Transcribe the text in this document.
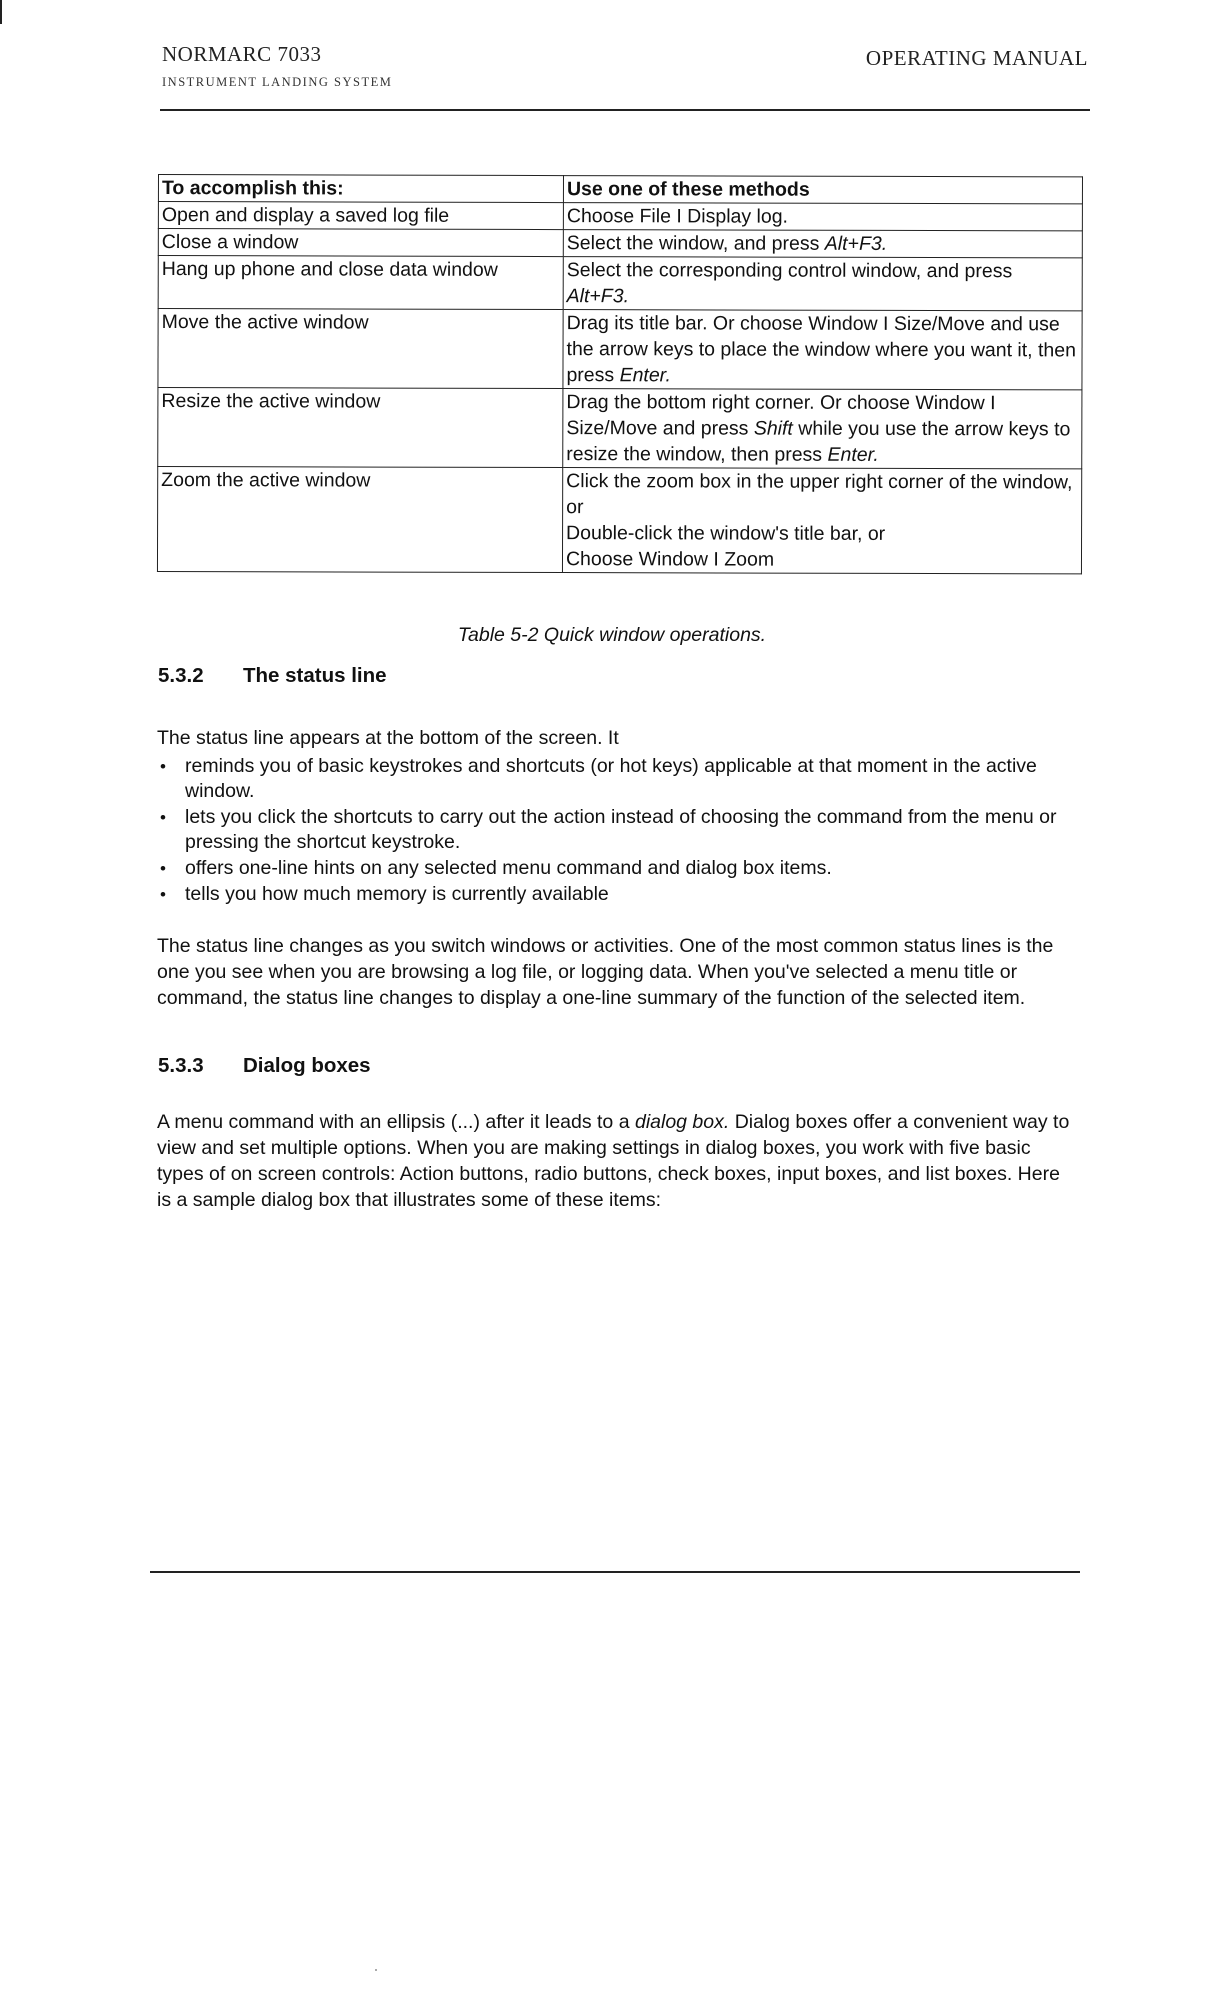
NORMARC 7033
INSTRUMENT LANDING SYSTEM
OPERATING MANUAL
To accomplish this:	Use one of these methods
Open and display a saved log file	Choose File I Display log.
Close a window	Select the window, and press Alt+F3.
Hang up phone and close data window	Select the corresponding control window, and press Alt+F3.
Move the active window	Drag its title bar. Or choose Window I Size/Move and use the arrow keys to place the window where you want it, then press Enter.
Resize the active window	Drag the bottom right corner. Or choose Window I Size/Move and press Shift while you use the arrow keys to resize the window, then press Enter.
Zoom the active window	Click the zoom box in the upper right corner of the window, or
Double-click the window's title bar, or
Choose Window I Zoom
Table 5-2 Quick window operations.
5.3.2 The status line

The status line appears at the bottom of the screen. It

• reminds you of basic keystrokes and shortcuts (or hot keys) applicable at that moment in the active window.
• lets you click the shortcuts to carry out the action instead of choosing the command from the menu or pressing the shortcut keystroke.
• offers one-line hints on any selected menu command and dialog box items.
• tells you how much memory is currently available

The status line changes as you switch windows or activities. One of the most common status lines is the one you see when you are browsing a log file, or logging data. When you've selected a menu title or command, the status line changes to display a one-line summary of the function of the selected item.

5.3.3 Dialog boxes

A menu command with an ellipsis (...) after it leads to a dialog box. Dialog boxes offer a convenient way to view and set multiple options. When you are making settings in dialog boxes, you work with five basic types of on screen controls: Action buttons, radio buttons, check boxes, input boxes, and list boxes. Here is a sample dialog box that illustrates some of these items:
